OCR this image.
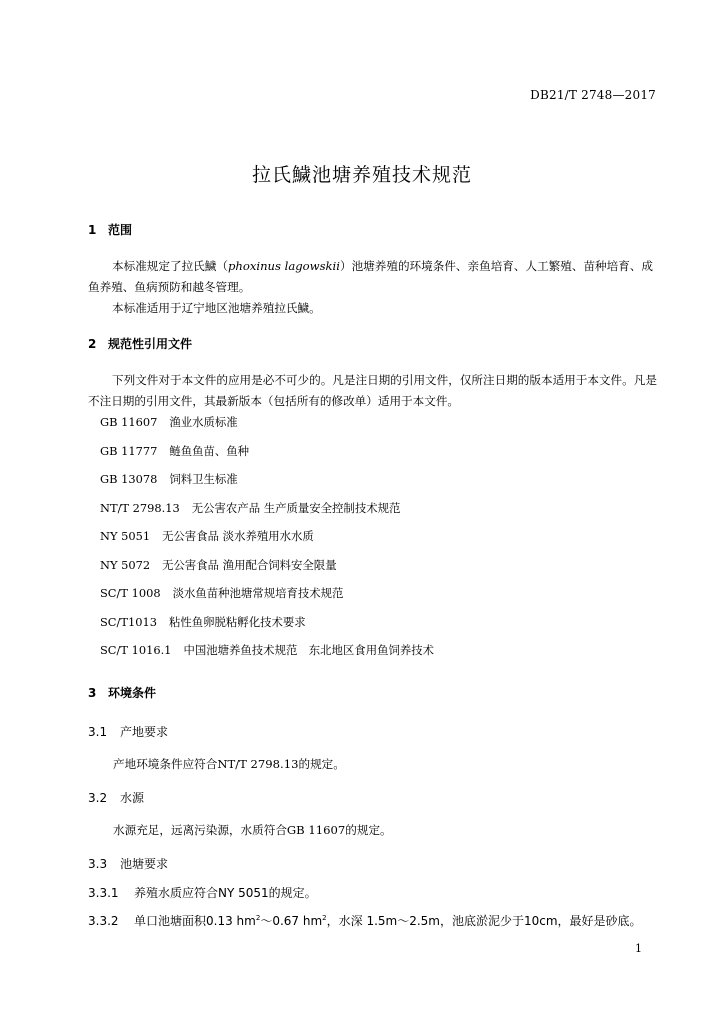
DB21/T 2748—2017
拉氏鱥池塘养殖技术规范
1 范围

本标准规定了拉氏鱥（phoxinus lagowskii）池塘养殖的环境条件、亲鱼培育、人工繁殖、苗种培育、成鱼养殖、鱼病预防和越冬管理。

本标准适用于辽宁地区池塘养殖拉氏鱥。

2 规范性引用文件

下列文件对于本文件的应用是必不可少的。凡是注日期的引用文件，仅所注日期的版本适用于本文件。凡是不注日期的引用文件，其最新版本（包括所有的修改单）适用于本文件。

GB 11607 渔业水质标准
GB 11777 鲢鱼鱼苗、鱼种
GB 13078 饲料卫生标准
NT/T 2798.13 无公害农产品 生产质量安全控制技术规范
NY 5051 无公害食品 淡水养殖用水水质
NY 5072 无公害食品 渔用配合饲料安全限量
SC/T 1008 淡水鱼苗种池塘常规培育技术规范
SC/T1013 粘性鱼卵脱粘孵化技术要求
SC/T 1016.1 中国池塘养鱼技术规范　东北地区食用鱼饲养技术
3 环境条件
3.1 产地要求
产地环境条件应符合NT/T 2798.13的规定。
3.2 水源
水源充足，远离污染源，水质符合GB 11607的规定。
3.3 池塘要求
3.3.1 养殖水质应符合NY 5051的规定。
3.3.2 单口池塘面积0.13 $hm^2\sim 0.67$ $hm^2$，水深 1.5m～2.5m，池底淤泥少于10cm，最好是砂底。
1
